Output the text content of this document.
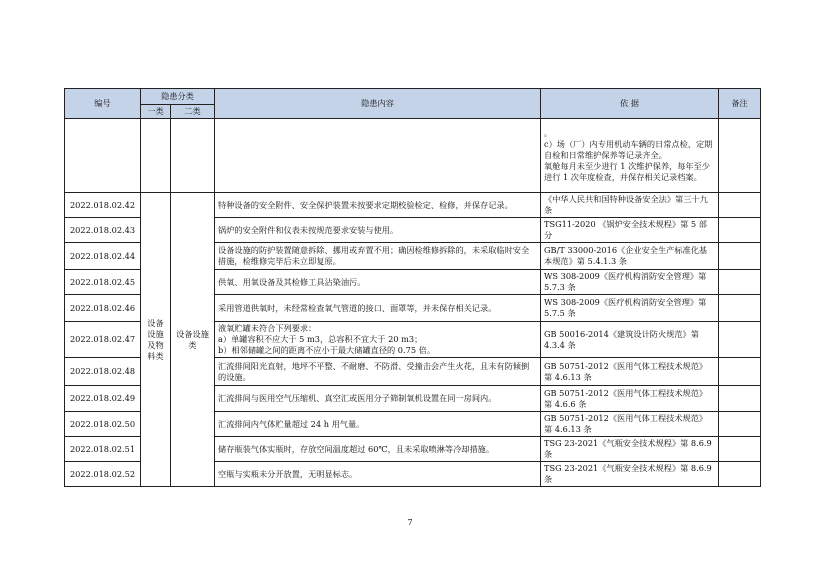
编号	隐患分类		隐患内容	依 据	备注
	一类	二类			

				。
c）场（厂）内专用机动车辆的日常点检、定期自检和日常维护保养等记录齐全。
氧舱每月未至少进行 1 次维护保养，每年至少进行 1 次年度检查，并保存相关记录档案。	

2022.018.02.42	设备设施及物料类	设备设施类	特种设备的安全附件、安全保护装置未按要求定期校验检定、检修，并保存记录。	《中华人民共和国特种设备安全法》第三十九条	
2022.018.02.43			锅炉的安全附件和仪表未按规范要求安装与使用。	TSG11-2020 《锅炉安全技术规程》第 5 部分	
2022.018.02.44			设备设施的防护装置随意拆除、挪用或弃置不用；确因检维修拆除的，未采取临时安全措施，检维修完毕后未立即复原。	GB/T 33000-2016《企业安全生产标准化基本规范》第 5.4.1.3 条	
2022.018.02.45			供氧、用氧设备及其检修工具沾染油污。	WS 308-2009《医疗机构消防安全管理》第 5.7.3 条	
2022.018.02.46			采用管道供氧时，未经常检查氧气管道的接口、面罩等，并未保存相关记录。	WS 308-2009《医疗机构消防安全管理》第 5.7.5 条	
2022.018.02.47			液氧贮罐未符合下列要求：
a）单罐容积不应大于 5 m3，总容积不宜大于 20 m3；
b）相邻储罐之间的距离不应小于最大储罐直径的 0.75 倍。	GB 50016-2014《建筑设计防火规范》第 4.3.4 条	
2022.018.02.48			汇流排间阳光直射，地坪不平整、不耐磨、不防滑、受撞击会产生火花，且未有防倾倒的设施。	GB 50751-2012《医用气体工程技术规范》第 4.6.13 条	
2022.018.02.49			汇流排间与医用空气压缩机、真空汇或医用分子筛制氧机设置在同一房间内。	GB 50751-2012《医用气体工程技术规范》第 4.6.6 条	
2022.018.02.50			汇流排间内气体贮量超过 24 h 用气量。	GB 50751-2012《医用气体工程技术规范》第 4.6.13 条	
2022.018.02.51			储存瓶装气体实瓶时，存放空间温度超过 60℃，且未采取喷淋等冷却措施。	TSG 23-2021《气瓶安全技术规程》第 8.6.9 条	
2022.018.02.52			空瓶与实瓶未分开放置，无明显标志。	TSG 23-2021《气瓶安全技术规程》第 8.6.9 条	
7
